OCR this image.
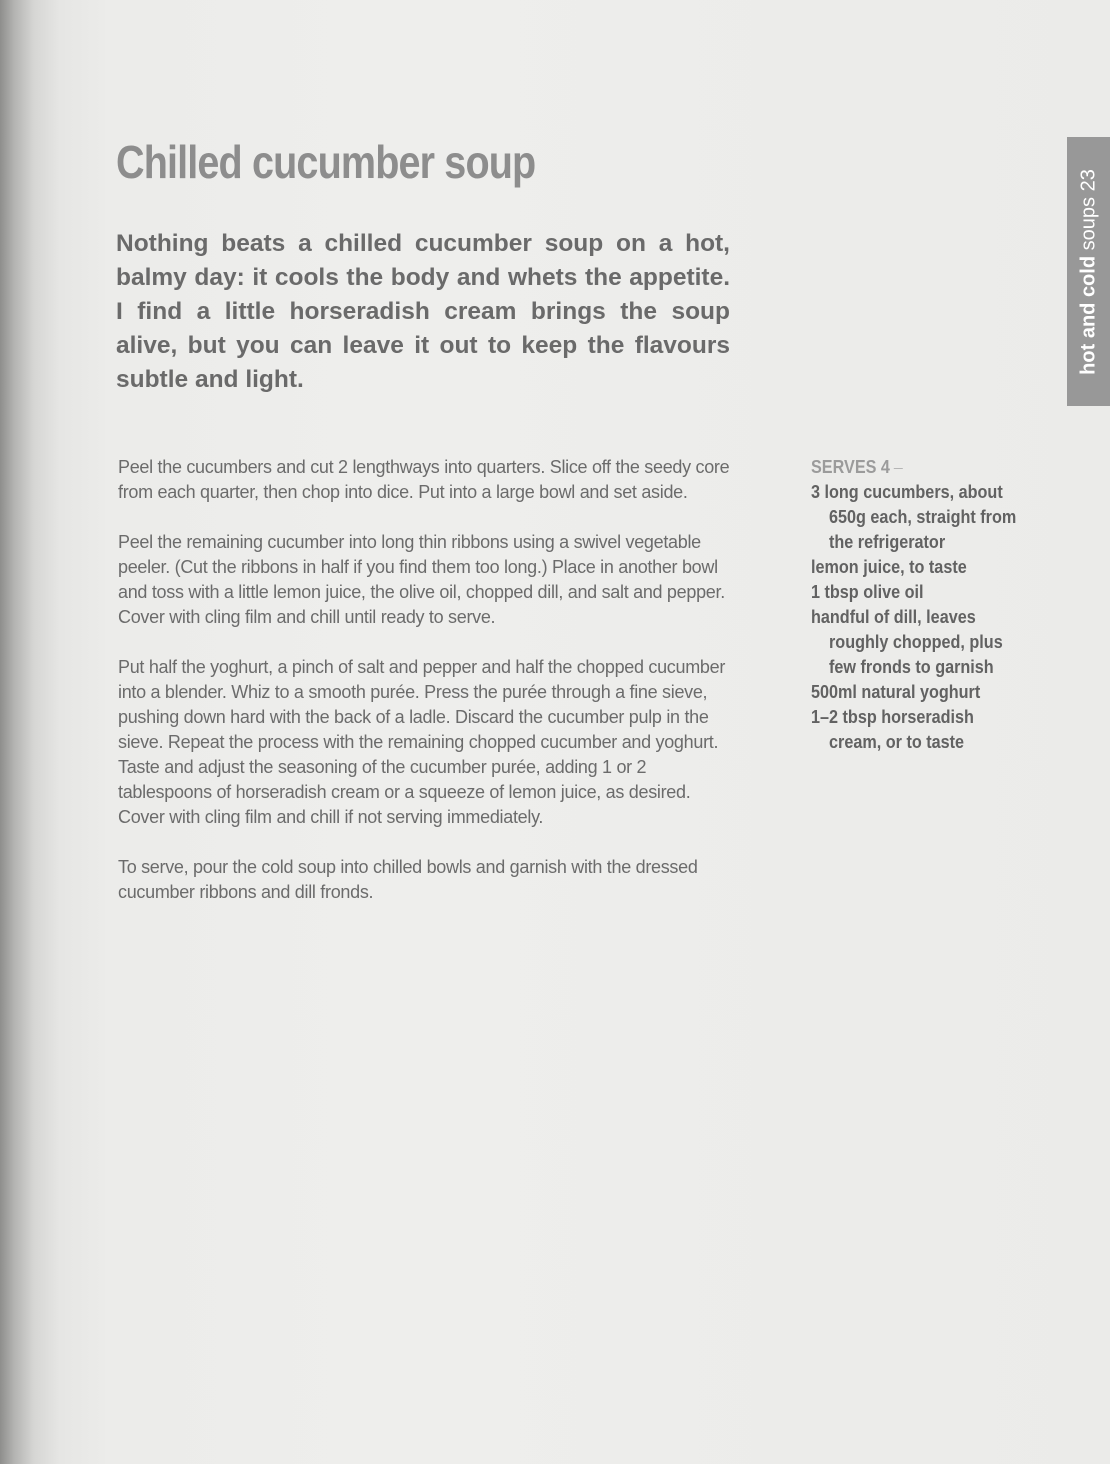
Chilled cucumber soup
Nothing beats a chilled cucumber soup on a hot, balmy day: it cools the body and whets the appetite. I find a little horseradish cream brings the soup alive, but you can leave it out to keep the flavours subtle and light.

Peel the cucumbers and cut 2 lengthways into quarters. Slice off the seedy core from each quarter, then chop into dice. Put into a large bowl and set aside.

Peel the remaining cucumber into long thin ribbons using a swivel vegetable peeler. (Cut the ribbons in half if you find them too long.) Place in another bowl and toss with a little lemon juice, the olive oil, chopped dill, and salt and pepper. Cover with cling film and chill until ready to serve.

Put half the yoghurt, a pinch of salt and pepper and half the chopped cucumber into a blender. Whiz to a smooth purée. Press the purée through a fine sieve, pushing down hard with the back of a ladle. Discard the cucumber pulp in the sieve. Repeat the process with the remaining chopped cucumber and yoghurt. Taste and adjust the seasoning of the cucumber purée, adding 1 or 2 tablespoons of horseradish cream or a squeeze of lemon juice, as desired. Cover with cling film and chill if not serving immediately.

To serve, pour the cold soup into chilled bowls and garnish with the dressed cucumber ribbons and dill fronds.

SERVES 4

3 long cucumbers, about 650g each, straight from the refrigerator

lemon juice, to taste

1 tbsp olive oil

handful of dill, leaves roughly chopped, plus few fronds to garnish

500ml natural yoghurt

1–2 tbsp horseradish cream, or to taste

hot and cold soups 23
